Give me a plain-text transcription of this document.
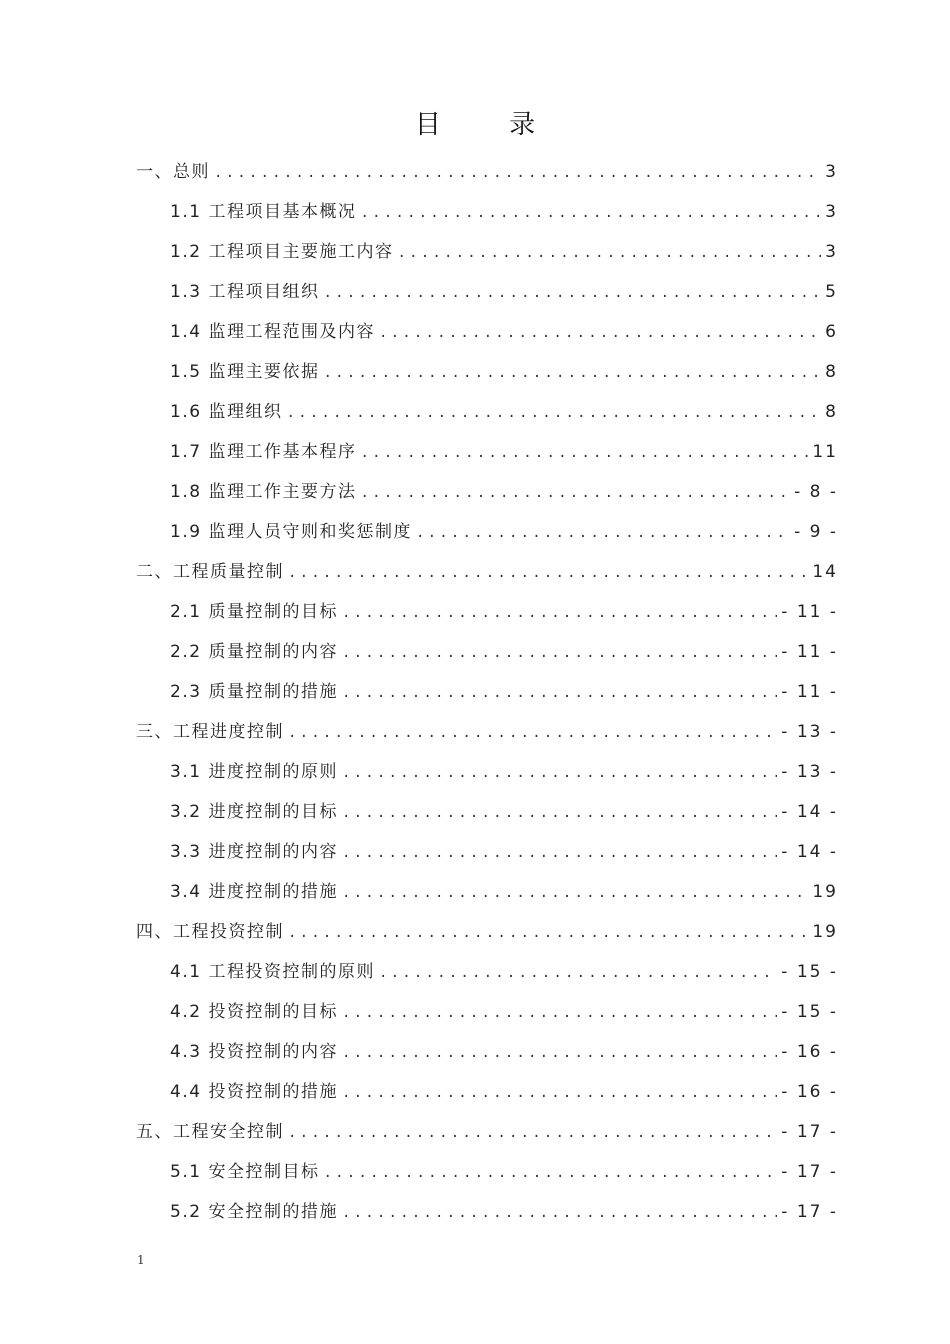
目 录
一、总则 .....	3
1.1 工程项目基本概况 .....	3
1.2 工程项目主要施工内容 .....	3
1.3 工程项目组织 .....	5
1.4 监理工程范围及内容 .....	6
1.5 监理主要依据 .....	8
1.6 监理组织 .....	8
1.7 监理工作基本程序 .....	11
1.8 监理工作主要方法 .....	- 8 -
1.9 监理人员守则和奖惩制度 .....	- 9 -
二、工程质量控制 .....	14
2.1 质量控制的目标 .....	- 11 -
2.2 质量控制的内容 .....	- 11 -
2.3 质量控制的措施 .....	- 11 -
三、工程进度控制 .....	- 13 -
3.1 进度控制的原则 .....	- 13 -
3.2 进度控制的目标 .....	- 14 -
3.3 进度控制的内容 .....	- 14 -
3.4 进度控制的措施 .....	19
四、工程投资控制 .....	19
4.1 工程投资控制的原则 .....	- 15 -
4.2 投资控制的目标 .....	- 15 -
4.3 投资控制的内容 .....	- 16 -
4.4 投资控制的措施 .....	- 16 -
五、工程安全控制 .....	- 17 -
5.1 安全控制目标 .....	- 17 -
5.2 安全控制的措施 .....	- 17 -
1
